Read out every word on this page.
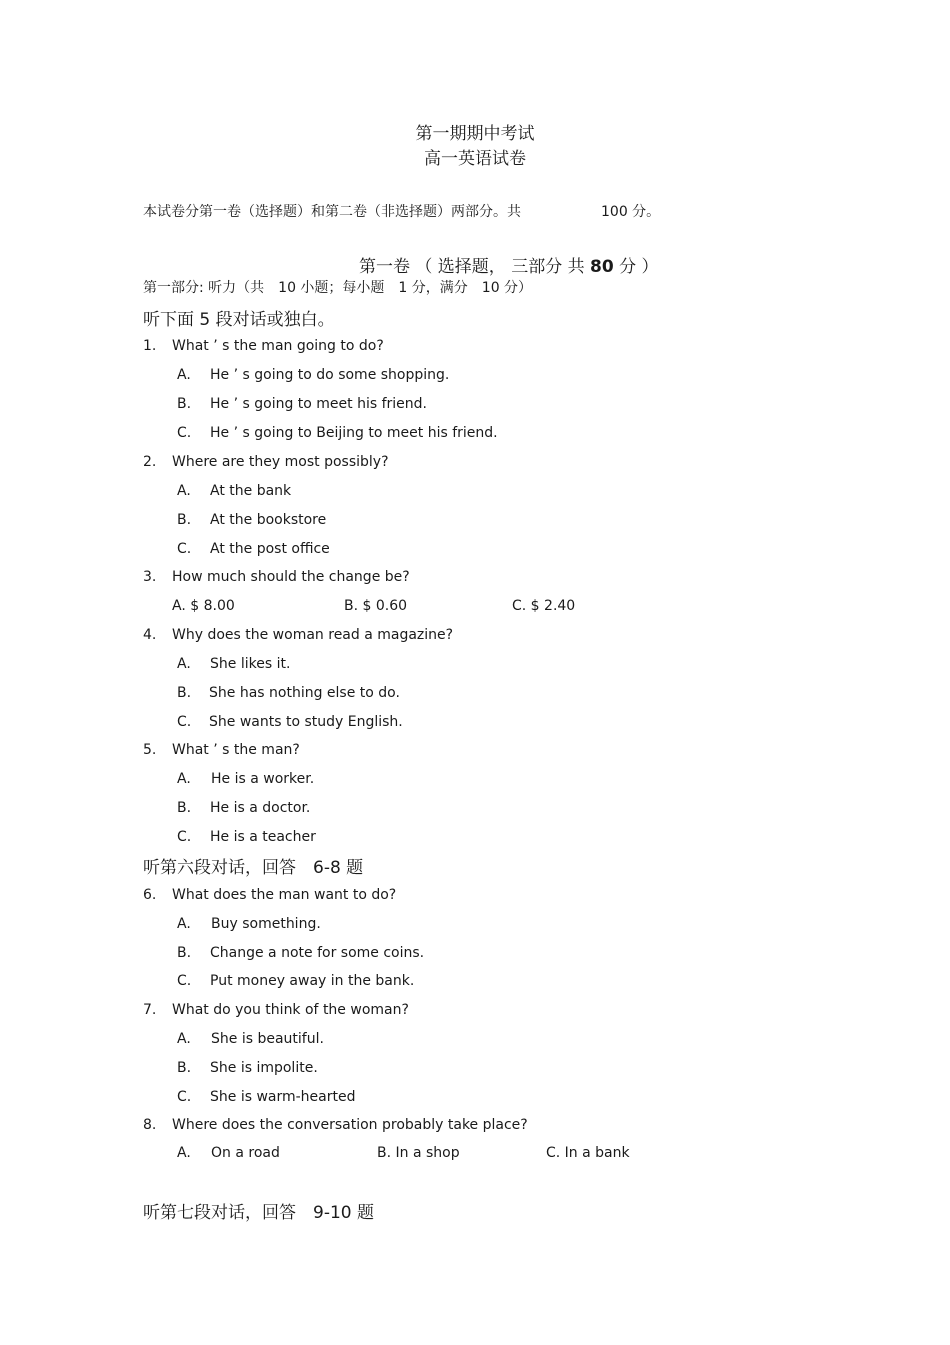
第一期期中考试
高一英语试卷
本试卷分第一卷（选择题）和第二卷（非选择题）两部分。共	100 分。
第一卷 （ 选择题， 三部分 共 80 分 ）
第一部分: 听力（共　10 小题；每小题　1 分，满分　10 分）
听下面 5 段对话或独白。
1. What ’ s the man going to do?
A. He ’ s going to do some shopping.
B. He ’ s going to meet his friend.
C. He ’ s going to Beijing to meet his friend.
2. Where are they most possibly?
A. At the bank
B. At the bookstore
C. At the post office
3. How much should the change be?
A. $ 8.00	B. $ 0.60	C. $ 2.40
4. Why does the woman read a magazine?
A. She likes it.
B. She has nothing else to do.
C. She wants to study English.
5. What ’ s the man?
A. He is a worker.
B. He is a doctor.
C. He is a teacher
听第六段对话，回答　6-8 题
6. What does the man want to do?
A. Buy something.
B. Change a note for some coins.
C. Put money away in the bank.
7. What do you think of the woman?
A. She is beautiful.
B. She is impolite.
C. She is warm-hearted
8. Where does the conversation probably take place?
A. On a road	B. In a shop	C. In a bank
听第七段对话，回答　9-10 题
